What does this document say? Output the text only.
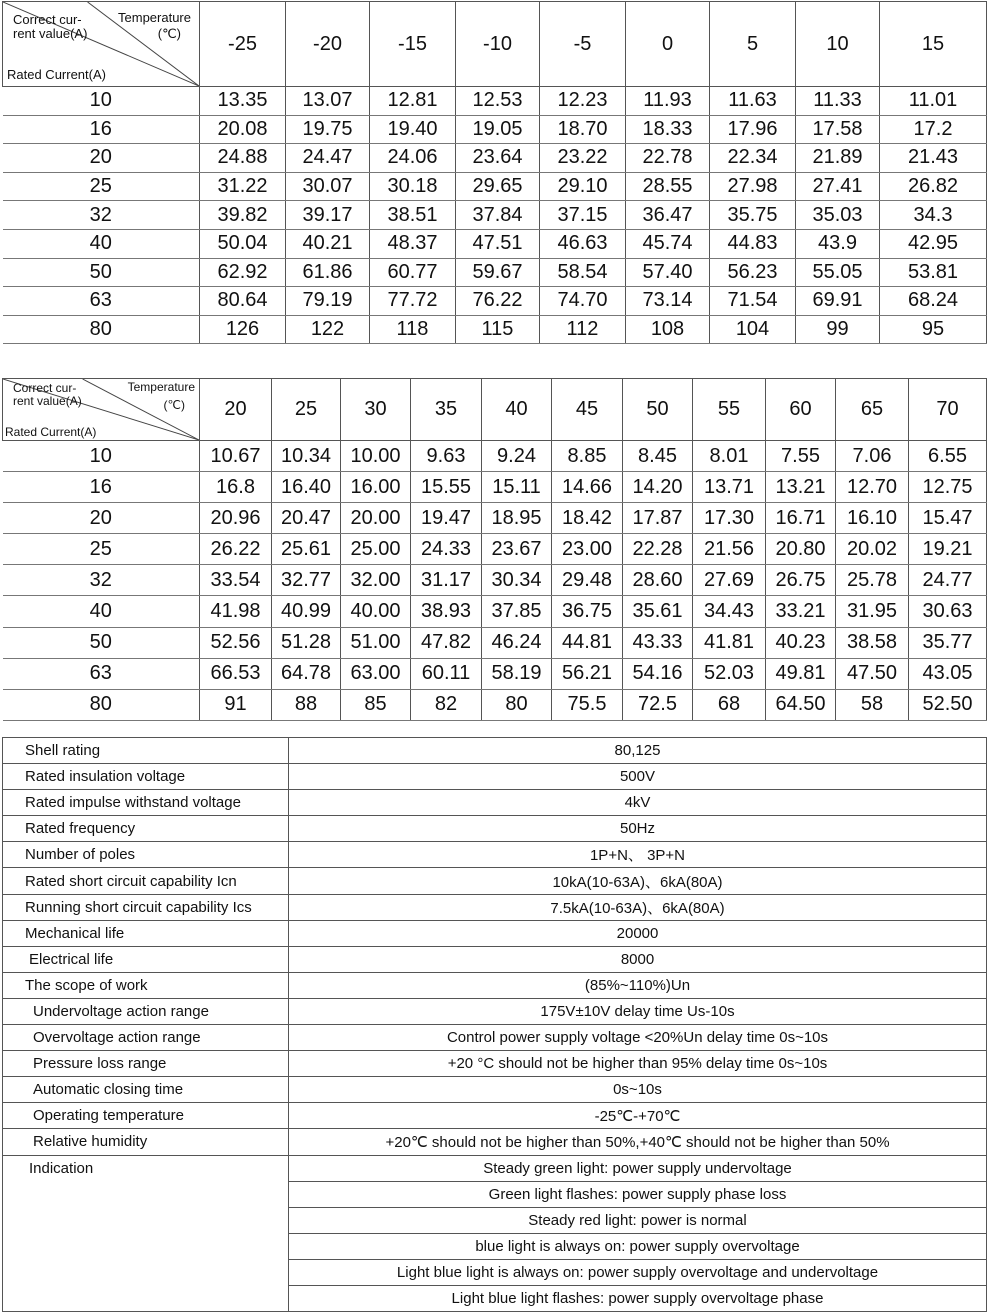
Correct cur-rent value(A)
Temperature
(℃)
Rated Current(A)	-25	-20	-15	-10	-5	0	5	10	15
10	13.35	13.07	12.81	12.53	12.23	11.93	11.63	11.33	11.01
16	20.08	19.75	19.40	19.05	18.70	18.33	17.96	17.58	17.2
20	24.88	24.47	24.06	23.64	23.22	22.78	22.34	21.89	21.43
25	31.22	30.07	30.18	29.65	29.10	28.55	27.98	27.41	26.82
32	39.82	39.17	38.51	37.84	37.15	36.47	35.75	35.03	34.3
40	50.04	40.21	48.37	47.51	46.63	45.74	44.83	43.9	42.95
50	62.92	61.86	60.77	59.67	58.54	57.40	56.23	55.05	53.81
63	80.64	79.19	77.72	76.22	74.70	73.14	71.54	69.91	68.24
80	126	122	118	115	112	108	104	99	95
Correct cur-rent value(A)
Temperature
(℃)
Rated Current(A)	20	25	30	35	40	45	50	55	60	65	70
10	10.67	10.34	10.00	9.63	9.24	8.85	8.45	8.01	7.55	7.06	6.55
16	16.8	16.40	16.00	15.55	15.11	14.66	14.20	13.71	13.21	12.70	12.75
20	20.96	20.47	20.00	19.47	18.95	18.42	17.87	17.30	16.71	16.10	15.47
25	26.22	25.61	25.00	24.33	23.67	23.00	22.28	21.56	20.80	20.02	19.21
32	33.54	32.77	32.00	31.17	30.34	29.48	28.60	27.69	26.75	25.78	24.77
40	41.98	40.99	40.00	38.93	37.85	36.75	35.61	34.43	33.21	31.95	30.63
50	52.56	51.28	51.00	47.82	46.24	44.81	43.33	41.81	40.23	38.58	35.77
63	66.53	64.78	63.00	60.11	58.19	56.21	54.16	52.03	49.81	47.50	43.05
80	91	88	85	82	80	75.5	72.5	68	64.50	58	52.50
Shell rating	80,125
Rated insulation voltage	500V
Rated impulse withstand voltage	4kV
Rated frequency	50Hz
Number of poles	1P+N、 3P+N
Rated short circuit capability Icn	10kA(10-63A)、6kA(80A)
Running short circuit capability Ics	7.5kA(10-63A)、6kA(80A)
Mechanical life	20000
Electrical life	8000
The scope of work	(85%~110%)Un
Undervoltage action range	175V±10V delay time Us-10s
Overvoltage action range	Control power supply voltage <20%Un delay time 0s~10s
Pressure loss range	+20 °C should not be higher than 95% delay time 0s~10s
Automatic closing time	0s~10s
Operating temperature	-25℃-+70℃
Relative humidity	+20℃ should not be higher than 50%,+40℃ should not be higher than 50%
Indication	Steady green light: power supply undervoltage
	Green light flashes: power supply phase loss
	Steady red light: power is normal
	blue light is always on: power supply overvoltage
	Light blue light is always on: power supply overvoltage and undervoltage
	Light blue light flashes: power supply overvoltage phase
